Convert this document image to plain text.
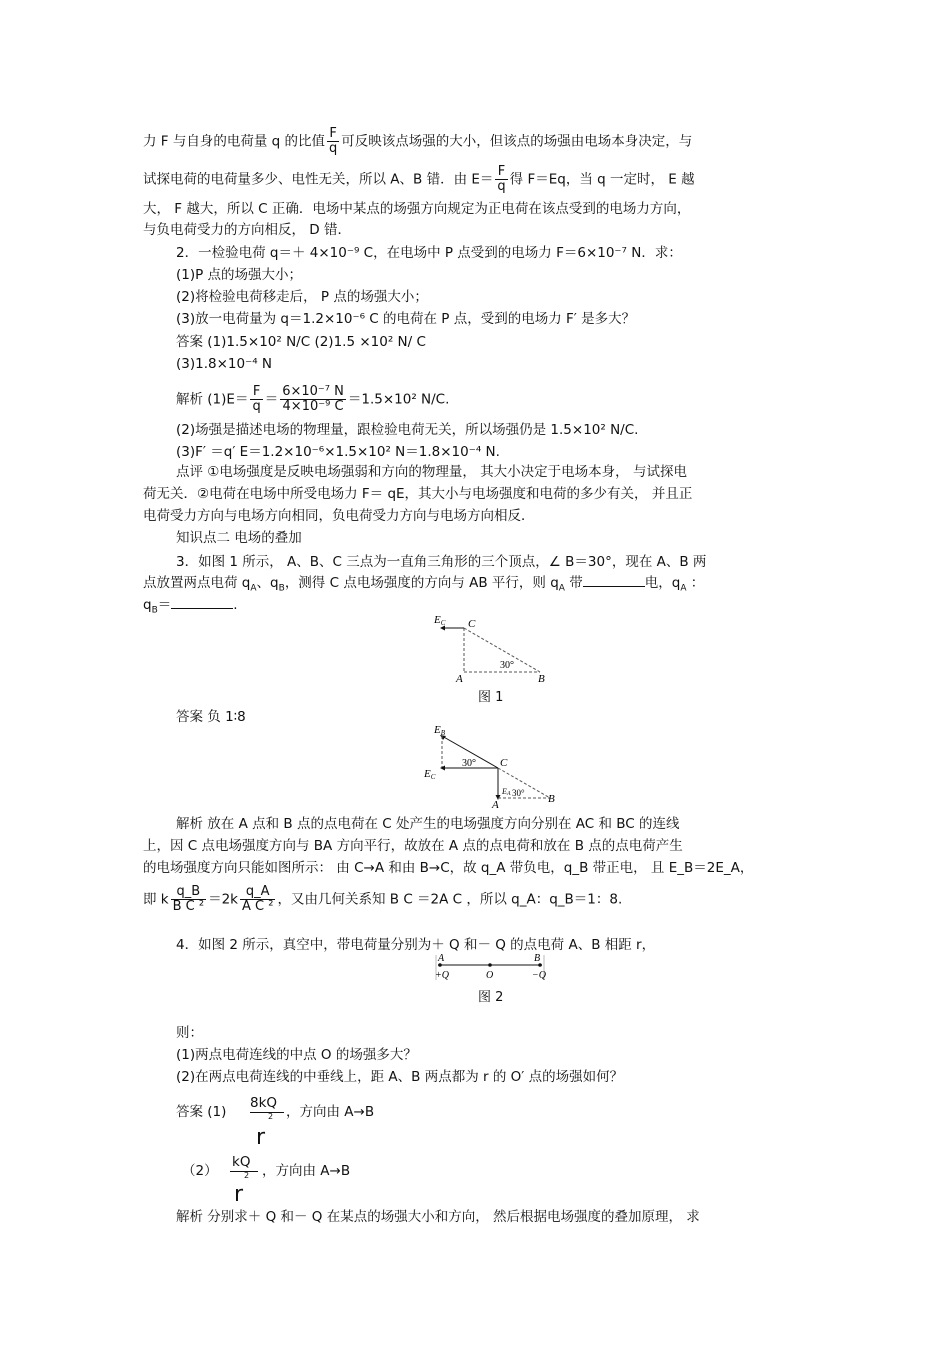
力 F 与自身的电荷量 q 的比值 $\frac{F}{q}$ 可反映该点场强的大小，但该点的场强由电场本身决定，与
试探电荷的电荷量多少、电性无关，所以 A、B 错．由 $E= \frac{F}{q}$ 得 F＝Eq，当 q 一定时， E 越
大， F 越大，所以 C 正确．电场中某点的场强方向规定为正电荷在该点受到的电场力方向，
与负电荷受力的方向相反， D 错．
2．一检验电荷 q＝＋ 4×10⁻⁹ C，在电场中 P 点受到的电场力 F＝6×10⁻⁷ N．求：
(1)P 点的场强大小；
(2)将检验电荷移走后， P 点的场强大小；
(3)放一电荷量为 q＝1.2×10⁻⁶ C 的电荷在 P 点，受到的电场力 F′ 是多大？
答案 (1)1.5×10² N/C (2)1.5 ×10² N/ C
(3)1.8×10⁻⁴ N
解析 $(1)E= \frac{F}{q} = \frac{\text{6×10⁻⁷ N}}{\text{4×10⁻⁹ C}} =1.5\times 10^2$ N/C.
(2)场强是描述电场的物理量，跟检验电荷无关，所以场强仍是 1.5×10² N/C.
(3)F′ ＝q′ E＝1.2×10⁻⁶×1.5×10² N＝1.8×10⁻⁴ N.
点评 ①电场强度是反映电场强弱和方向的物理量， 其大小决定于电场本身， 与试探电
荷无关．②电荷在电场中所受电场力 F＝ qE，其大小与电场强度和电荷的多少有关， 并且正
电荷受力方向与电场方向相同，负电荷受力方向与电场方向相反．
知识点二 电场的叠加
3．如图 1 所示， A、B、C 三点为一直角三角形的三个顶点，∠ B＝30°，现在 A、B 两
点放置两点电荷 $q_A$、$q_B$，测得 C 点电场强度的方向与 AB 平行，则 $q_A$ 带	电，$q_A$ ：
$q_B=$	.
EC C
A	B
30°
图 1
答案 负 1∶8
EB
EC
30° C
EA 30°
A	B
解析 放在 A 点和 B 点的点电荷在 C 处产生的电场强度方向分别在 AC 和 BC 的连线
上，因 C 点电场强度方向与 BA 方向平行，故放在 A 点的点电荷和放在 B 点的点电荷产生
的电场强度方向只能如图所示： 由 C→A 和由 B→C，故 q_A 带负电，q_B 带正电， 且 E_B＝2E_A，
即 k $\frac{q\_B}{\text{B C ²}} =2k \frac{q\_A}{\text{A C ²}}$ ，又由几何关系知 B C ＝2A C ，所以 q_A：q_B＝1：8.
4．如图 2 所示，真空中，带电荷量分别为＋ Q 和－ Q 的点电荷 A、B 相距 r，
A	B
+Q	O	−Q
图 2
则：
(1)两点电荷连线的中点 O 的场强多大？
(2)在两点电荷连线的中垂线上，距 A、B 两点都为 r 的 O′ 点的场强如何？
答案 (1)
8kQ
2
r
，方向由 A→B
（2）
kQ
2
r
，方向由 A→B
解析 分别求＋ Q 和－ Q 在某点的场强大小和方向， 然后根据电场强度的叠加原理， 求
